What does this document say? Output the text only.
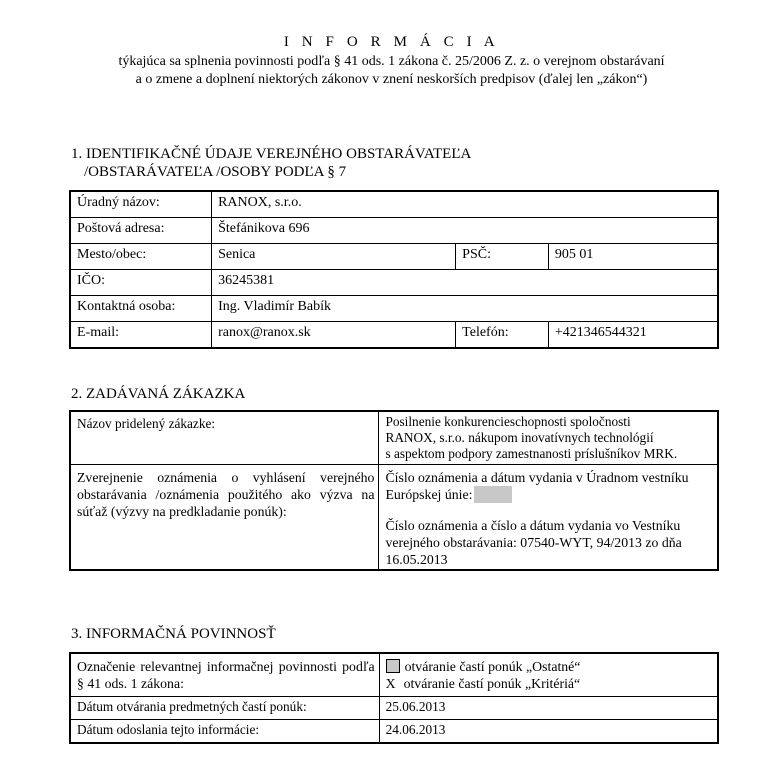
I N F O R M Á C I A
týkajúca sa splnenia povinnosti podľa § 41 ods. 1 zákona č. 25/2006 Z. z. o verejnom obstarávaní
a o zmene a doplnení niektorých zákonov v znení neskorších predpisov (ďalej len „zákon“)
1. IDENTIFIKAČNÉ ÚDAJE VEREJNÉHO OBSTARÁVATEĽA
/OBSTARÁVATEĽA /OSOBY PODĽA § 7
Úradný názov:	RANOX, s.r.o.		
Poštová adresa:	Štefánikova 696		
Mesto/obec:	Senica	PSČ:	905 01
IČO:	36245381		
Kontaktná osoba:	Ing. Vladimír Babík		
E-mail:	ranox@ranox.sk	Telefón:	+421346544321
2. ZADÁVANÁ ZÁKAZKA
Názov pridelený zákazke:	Posilnenie konkurencieschopnosti spoločnosti
RANOX, s.r.o. nákupom inovatívnych technológií
s aspektom podpory zamestnanosti príslušníkov MRK.

Zverejnenie oznámenia o vyhlásení verejného obstarávania /oznámenia použitého ako výzva na súťaž (výzvy na predkladanie ponúk):	Číslo oznámenia a dátum vydania v Úradnom vestníku
Európskej únie:
Číslo oznámenia a číslo a dátum vydania vo Vestníku
verejného obstarávania: 07540-WYT, 94/2013 zo dňa
16.05.2013
3. INFORMAČNÁ POVINNOSŤ
Označenie relevantnej informačnej povinnosti podľa § 41 ods. 1 zákona:	otváranie častí ponúk „Ostatné“
X otváranie častí ponúk „Kritériá“

Dátum otvárania predmetných častí ponúk:	25.06.2013
Dátum odoslania tejto informácie:	24.06.2013
